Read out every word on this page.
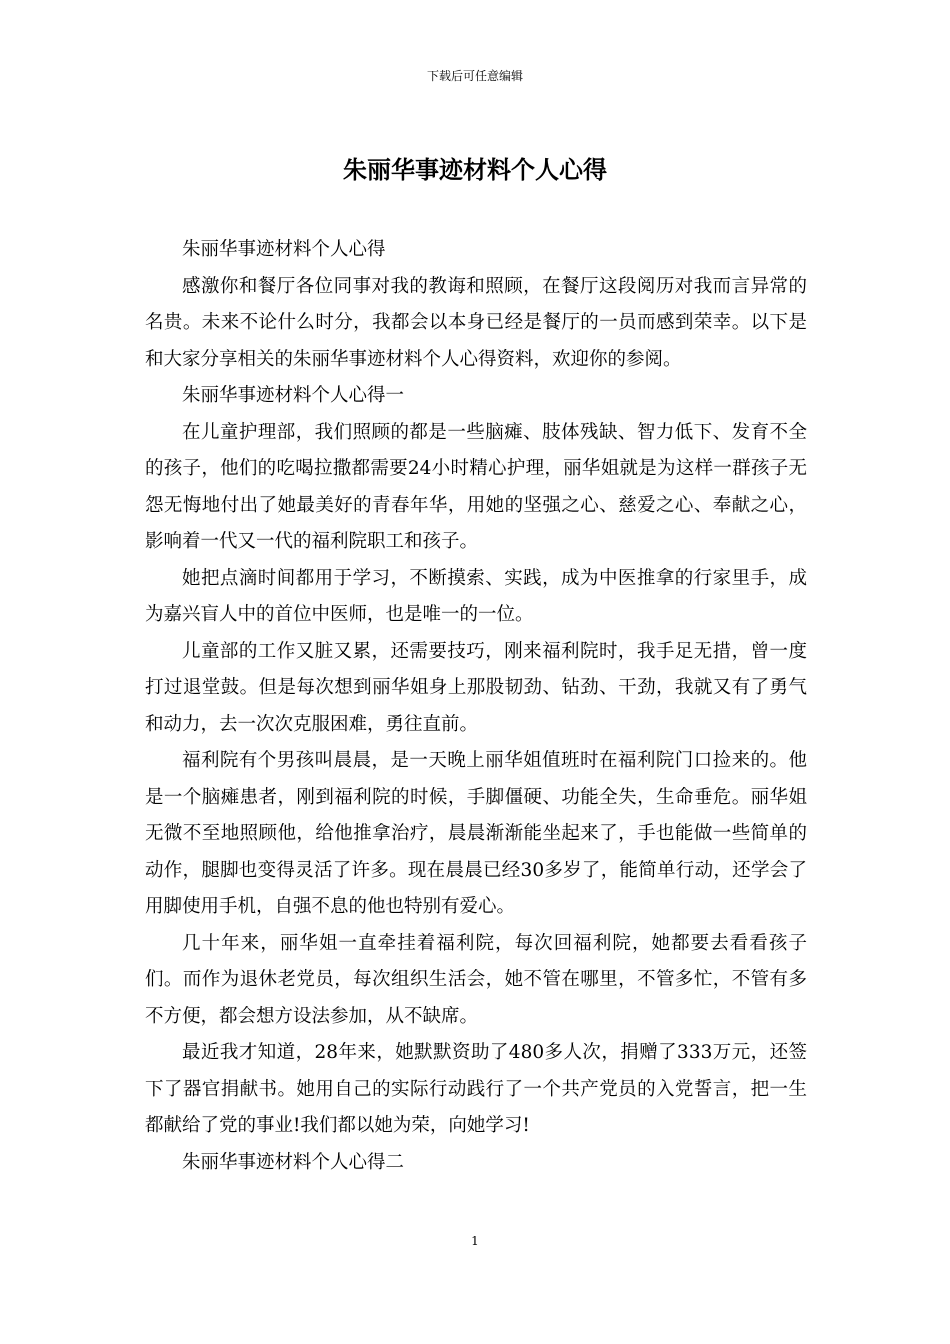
下载后可任意编辑
朱丽华事迹材料个人心得

朱丽华事迹材料个人心得

感激你和餐厅各位同事对我的教诲和照顾，在餐厅这段阅历对我而言异常的名贵。未来不论什么时分，我都会以本身已经是餐厅的一员而感到荣幸。以下是和大家分享相关的朱丽华事迹材料个人心得资料，欢迎你的参阅。

朱丽华事迹材料个人心得一

在儿童护理部，我们照顾的都是一些脑瘫、肢体残缺、智力低下、发育不全的孩子，他们的吃喝拉撒都需要24小时精心护理，丽华姐就是为这样一群孩子无怨无悔地付出了她最美好的青春年华，用她的坚强之心、慈爱之心、奉献之心，影响着一代又一代的福利院职工和孩子。

她把点滴时间都用于学习，不断摸索、实践，成为中医推拿的行家里手，成为嘉兴盲人中的首位中医师，也是唯一的一位。

儿童部的工作又脏又累，还需要技巧，刚来福利院时，我手足无措，曾一度打过退堂鼓。但是每次想到丽华姐身上那股韧劲、钻劲、干劲，我就又有了勇气和动力，去一次次克服困难，勇往直前。

福利院有个男孩叫晨晨，是一天晚上丽华姐值班时在福利院门口捡来的。他是一个脑瘫患者，刚到福利院的时候，手脚僵硬、功能全失，生命垂危。丽华姐无微不至地照顾他，给他推拿治疗，晨晨渐渐能坐起来了，手也能做一些简单的动作，腿脚也变得灵活了许多。现在晨晨已经30多岁了，能简单行动，还学会了用脚使用手机，自强不息的他也特别有爱心。

几十年来，丽华姐一直牵挂着福利院，每次回福利院，她都要去看看孩子们。而作为退休老党员，每次组织生活会，她不管在哪里，不管多忙，不管有多不方便，都会想方设法参加，从不缺席。

最近我才知道，28年来，她默默资助了480多人次，捐赠了333万元，还签下了器官捐献书。她用自己的实际行动践行了一个共产党员的入党誓言，把一生都献给了党的事业!我们都以她为荣，向她学习!

朱丽华事迹材料个人心得二

1
